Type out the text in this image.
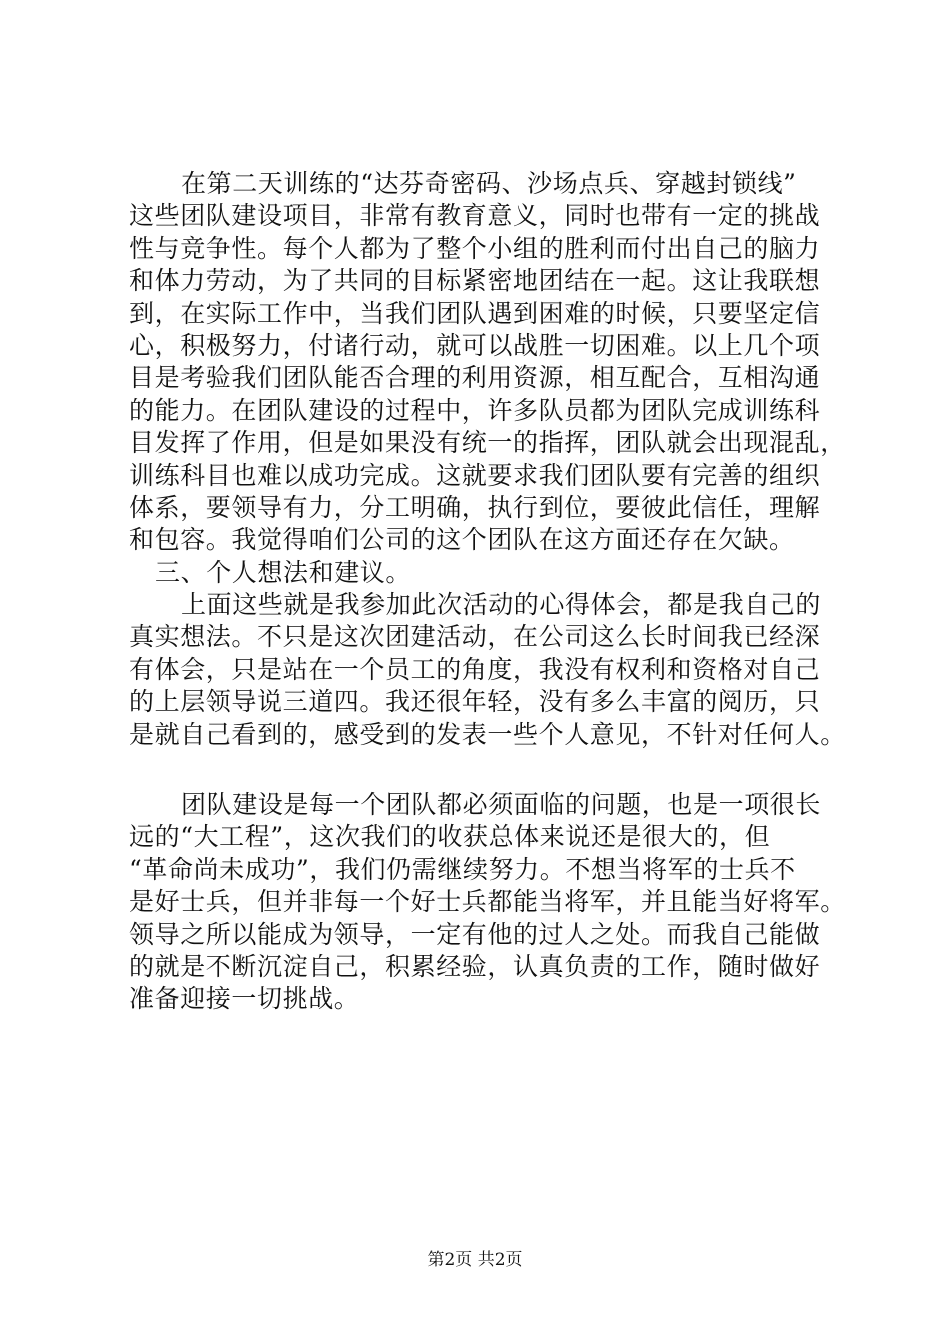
在第二天训练的“达芬奇密码、沙场点兵、穿越封锁线”
这些团队建设项目，非常有教育意义，同时也带有一定的挑战
性与竞争性。每个人都为了整个小组的胜利而付出自己的脑力
和体力劳动，为了共同的目标紧密地团结在一起。这让我联想
到，在实际工作中，当我们团队遇到困难的时候，只要坚定信
心，积极努力，付诸行动，就可以战胜一切困难。以上几个项
目是考验我们团队能否合理的利用资源，相互配合，互相沟通
的能力。在团队建设的过程中，许多队员都为团队完成训练科
目发挥了作用，但是如果没有统一的指挥，团队就会出现混乱，
训练科目也难以成功完成。这就要求我们团队要有完善的组织
体系，要领导有力，分工明确，执行到位，要彼此信任，理解
和包容。我觉得咱们公司的这个团队在这方面还存在欠缺。
三、个人想法和建议。
上面这些就是我参加此次活动的心得体会，都是我自己的
真实想法。不只是这次团建活动，在公司这么长时间我已经深
有体会，只是站在一个员工的角度，我没有权利和资格对自己
的上层领导说三道四。我还很年轻，没有多么丰富的阅历，只
是就自己看到的，感受到的发表一些个人意见，不针对任何人。
团队建设是每一个团队都必须面临的问题，也是一项很长
远的“大工程”，这次我们的收获总体来说还是很大的，但
“革命尚未成功”，我们仍需继续努力。不想当将军的士兵不
是好士兵，但并非每一个好士兵都能当将军，并且能当好将军。
领导之所以能成为领导，一定有他的过人之处。而我自己能做
的就是不断沉淀自己，积累经验，认真负责的工作，随时做好
准备迎接一切挑战。
第2页 共2页
